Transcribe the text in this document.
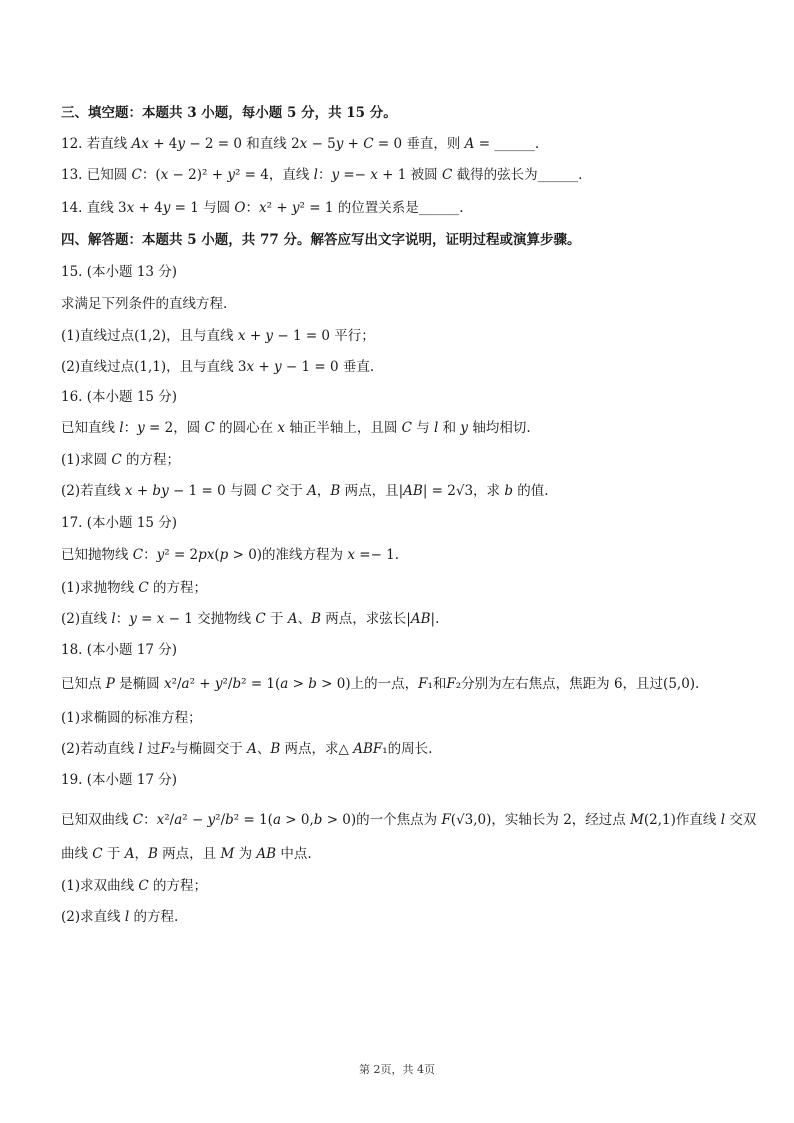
三、填空题：本题共 3 小题，每小题 5 分，共 15 分。
12. 若直线 𝐴𝑥 + 4𝑦 − 2 = 0 和直线 2𝑥 − 5𝑦 + 𝐶 = 0 垂直，则 𝐴 = ______.
13. 已知圆 𝐶：(𝑥 − 2)² + 𝑦² = 4，直线 𝑙：𝑦 =− 𝑥 + 1 被圆 𝐶 截得的弦长为______.
14. 直线 3𝑥 + 4𝑦 = 1 与圆 𝑂：𝑥² + 𝑦² = 1 的位置关系是______.
四、解答题：本题共 5 小题，共 77 分。解答应写出文字说明，证明过程或演算步骤。
15. (本小题 13 分)
求满足下列条件的直线方程.
(1)直线过点(1,2)，且与直线 𝑥 + 𝑦 − 1 = 0 平行；
(2)直线过点(1,1)，且与直线 3𝑥 + 𝑦 − 1 = 0 垂直.
16. (本小题 15 分)
已知直线 𝑙：𝑦 = 2，圆 𝐶 的圆心在 𝑥 轴正半轴上，且圆 𝐶 与 𝑙 和 𝑦 轴均相切.
(1)求圆 𝐶 的方程；
(2)若直线 𝑥 + 𝑏𝑦 − 1 = 0 与圆 𝐶 交于 𝐴，𝐵 两点，且|𝐴𝐵| = 2√3，求 𝑏 的值.
17. (本小题 15 分)
已知抛物线 𝐶：𝑦² = 2𝑝𝑥(𝑝 > 0)的准线方程为 𝑥 =− 1.
(1)求抛物线 𝐶 的方程；
(2)直线 𝑙：𝑦 = 𝑥 − 1 交抛物线 𝐶 于 𝐴、𝐵 两点，求弦长|𝐴𝐵|.
18. (本小题 17 分)
已知点 𝑃 是椭圆 𝑥²/𝑎² + 𝑦²/𝑏² = 1(𝑎 > 𝑏 > 0)上的一点，𝐹₁和𝐹₂分别为左右焦点，焦距为 6，且过(5,0).
(1)求椭圆的标准方程；
(2)若动直线 𝑙 过𝐹₂与椭圆交于 𝐴、𝐵 两点，求△ 𝐴𝐵𝐹₁的周长.
19. (本小题 17 分)
已知双曲线 𝐶：𝑥²/𝑎² − 𝑦²/𝑏² = 1(𝑎 > 0,𝑏 > 0)的一个焦点为 𝐹(√3,0)，实轴长为 2，经过点 𝑀(2,1)作直线 𝑙 交双
曲线 𝐶 于 𝐴，𝐵 两点，且 𝑀 为 𝐴𝐵 中点.
(1)求双曲线 𝐶 的方程；
(2)求直线 𝑙 的方程.
第 2页，共 4页
